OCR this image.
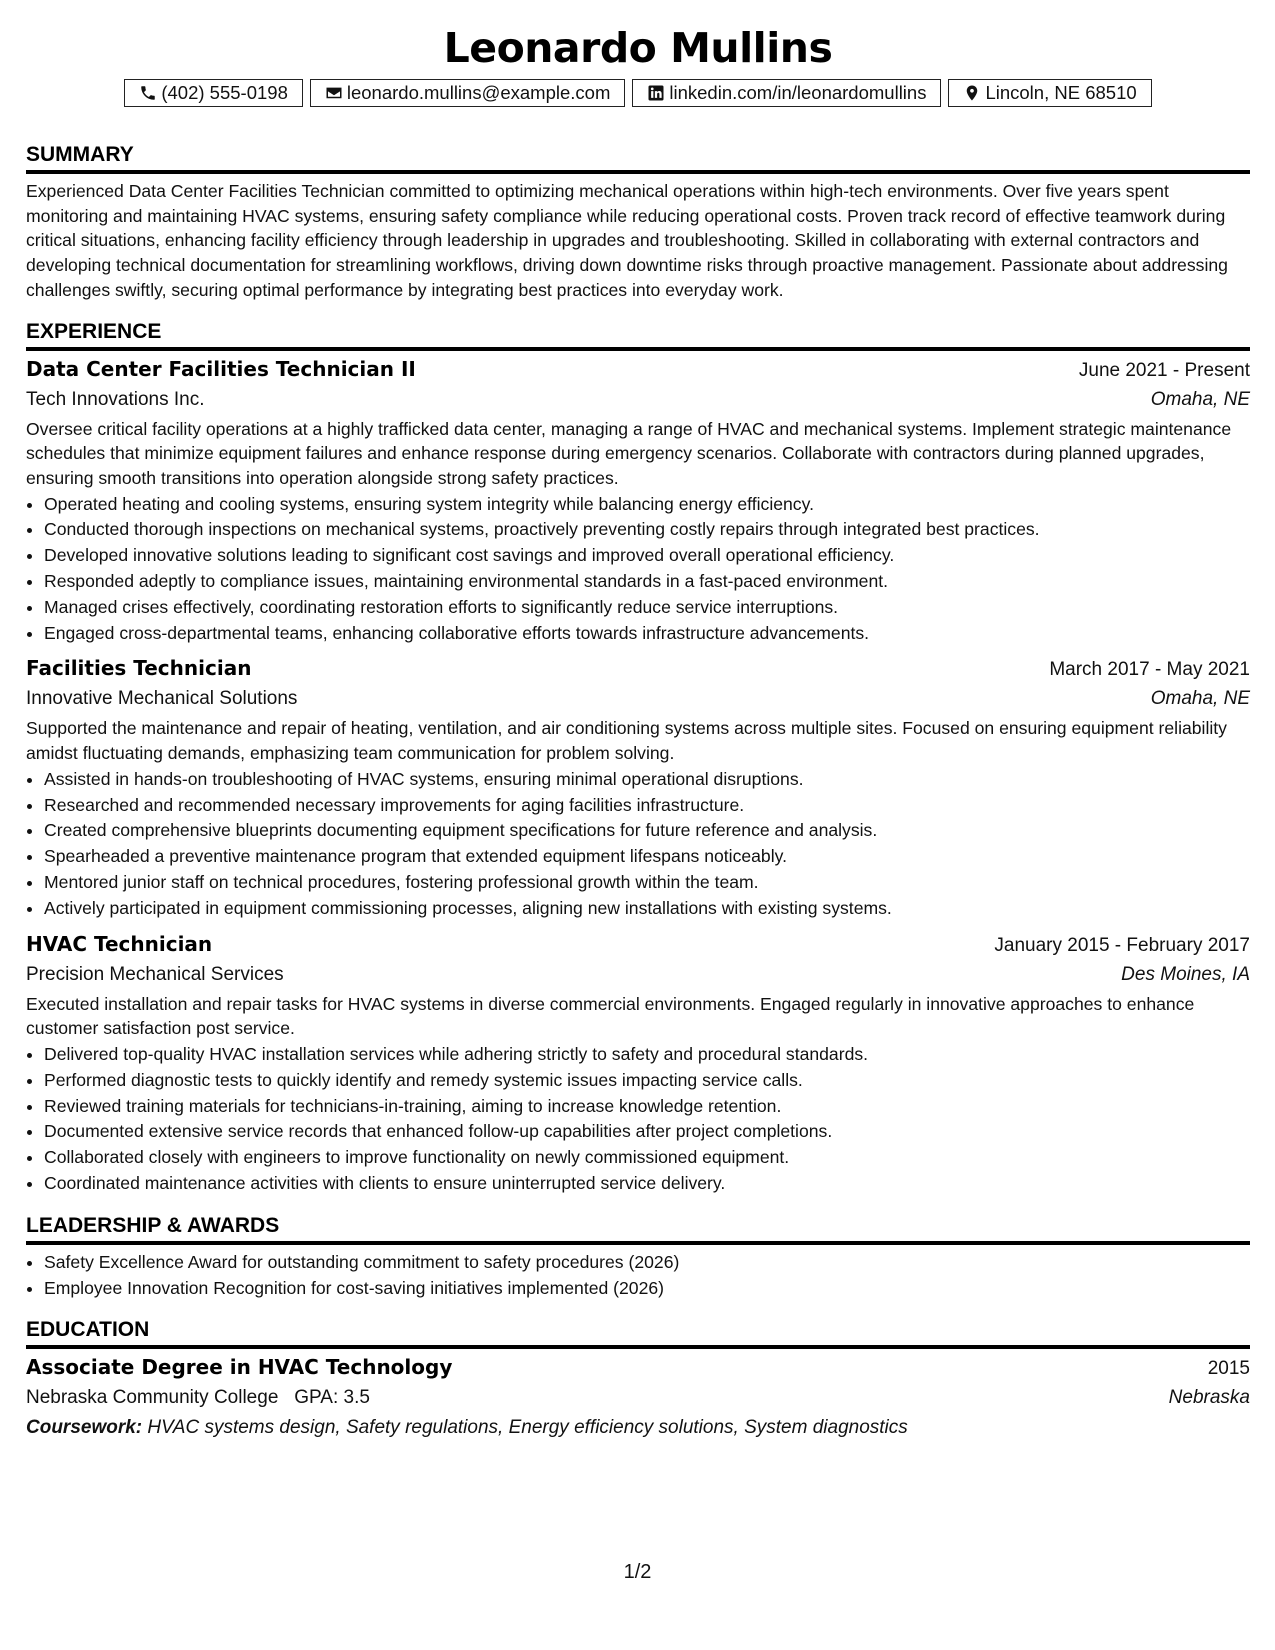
Leonardo Mullins
(402) 555-0198	leonardo.mullins@example.com	linkedin.com/in/leonardomullins	Lincoln, NE 68510
SUMMARY

Experienced Data Center Facilities Technician committed to optimizing mechanical operations within high-tech environments. Over five years spent monitoring and maintaining HVAC systems, ensuring safety compliance while reducing operational costs. Proven track record of effective teamwork during critical situations, enhancing facility efficiency through leadership in upgrades and troubleshooting. Skilled in collaborating with external contractors and developing technical documentation for streamlining workflows, driving down downtime risks through proactive management. Passionate about addressing challenges swiftly, securing optimal performance by integrating best practices into everyday work.

EXPERIENCE
Data Center Facilities Technician II	June 2021 - Present
Tech Innovations Inc.	Omaha, NE

Oversee critical facility operations at a highly trafficked data center, managing a range of HVAC and mechanical systems. Implement strategic maintenance schedules that minimize equipment failures and enhance response during emergency scenarios. Collaborate with contractors during planned upgrades, ensuring smooth transitions into operation alongside strong safety practices.

• Operated heating and cooling systems, ensuring system integrity while balancing energy efficiency.
• Conducted thorough inspections on mechanical systems, proactively preventing costly repairs through integrated best practices.
• Developed innovative solutions leading to significant cost savings and improved overall operational efficiency.
• Responded adeptly to compliance issues, maintaining environmental standards in a fast-paced environment.
• Managed crises effectively, coordinating restoration efforts to significantly reduce service interruptions.
• Engaged cross-departmental teams, enhancing collaborative efforts towards infrastructure advancements.
Facilities Technician	March 2017 - May 2021
Innovative Mechanical Solutions	Omaha, NE

Supported the maintenance and repair of heating, ventilation, and air conditioning systems across multiple sites. Focused on ensuring equipment reliability amidst fluctuating demands, emphasizing team communication for problem solving.

• Assisted in hands-on troubleshooting of HVAC systems, ensuring minimal operational disruptions.
• Researched and recommended necessary improvements for aging facilities infrastructure.
• Created comprehensive blueprints documenting equipment specifications for future reference and analysis.
• Spearheaded a preventive maintenance program that extended equipment lifespans noticeably.
• Mentored junior staff on technical procedures, fostering professional growth within the team.
• Actively participated in equipment commissioning processes, aligning new installations with existing systems.
HVAC Technician	January 2015 - February 2017
Precision Mechanical Services	Des Moines, IA

Executed installation and repair tasks for HVAC systems in diverse commercial environments. Engaged regularly in innovative approaches to enhance customer satisfaction post service.

• Delivered top-quality HVAC installation services while adhering strictly to safety and procedural standards.
• Performed diagnostic tests to quickly identify and remedy systemic issues impacting service calls.
• Reviewed training materials for technicians-in-training, aiming to increase knowledge retention.
• Documented extensive service records that enhanced follow-up capabilities after project completions.
• Collaborated closely with engineers to improve functionality on newly commissioned equipment.
• Coordinated maintenance activities with clients to ensure uninterrupted service delivery.
LEADERSHIP & AWARDS
• Safety Excellence Award for outstanding commitment to safety procedures (2026)
• Employee Innovation Recognition for cost-saving initiatives implemented (2026)
EDUCATION
Associate Degree in HVAC Technology	2015
Nebraska Community College GPA: 3.5	Nebraska
Coursework: HVAC systems design, Safety regulations, Energy efficiency solutions, System diagnostics
1/2
